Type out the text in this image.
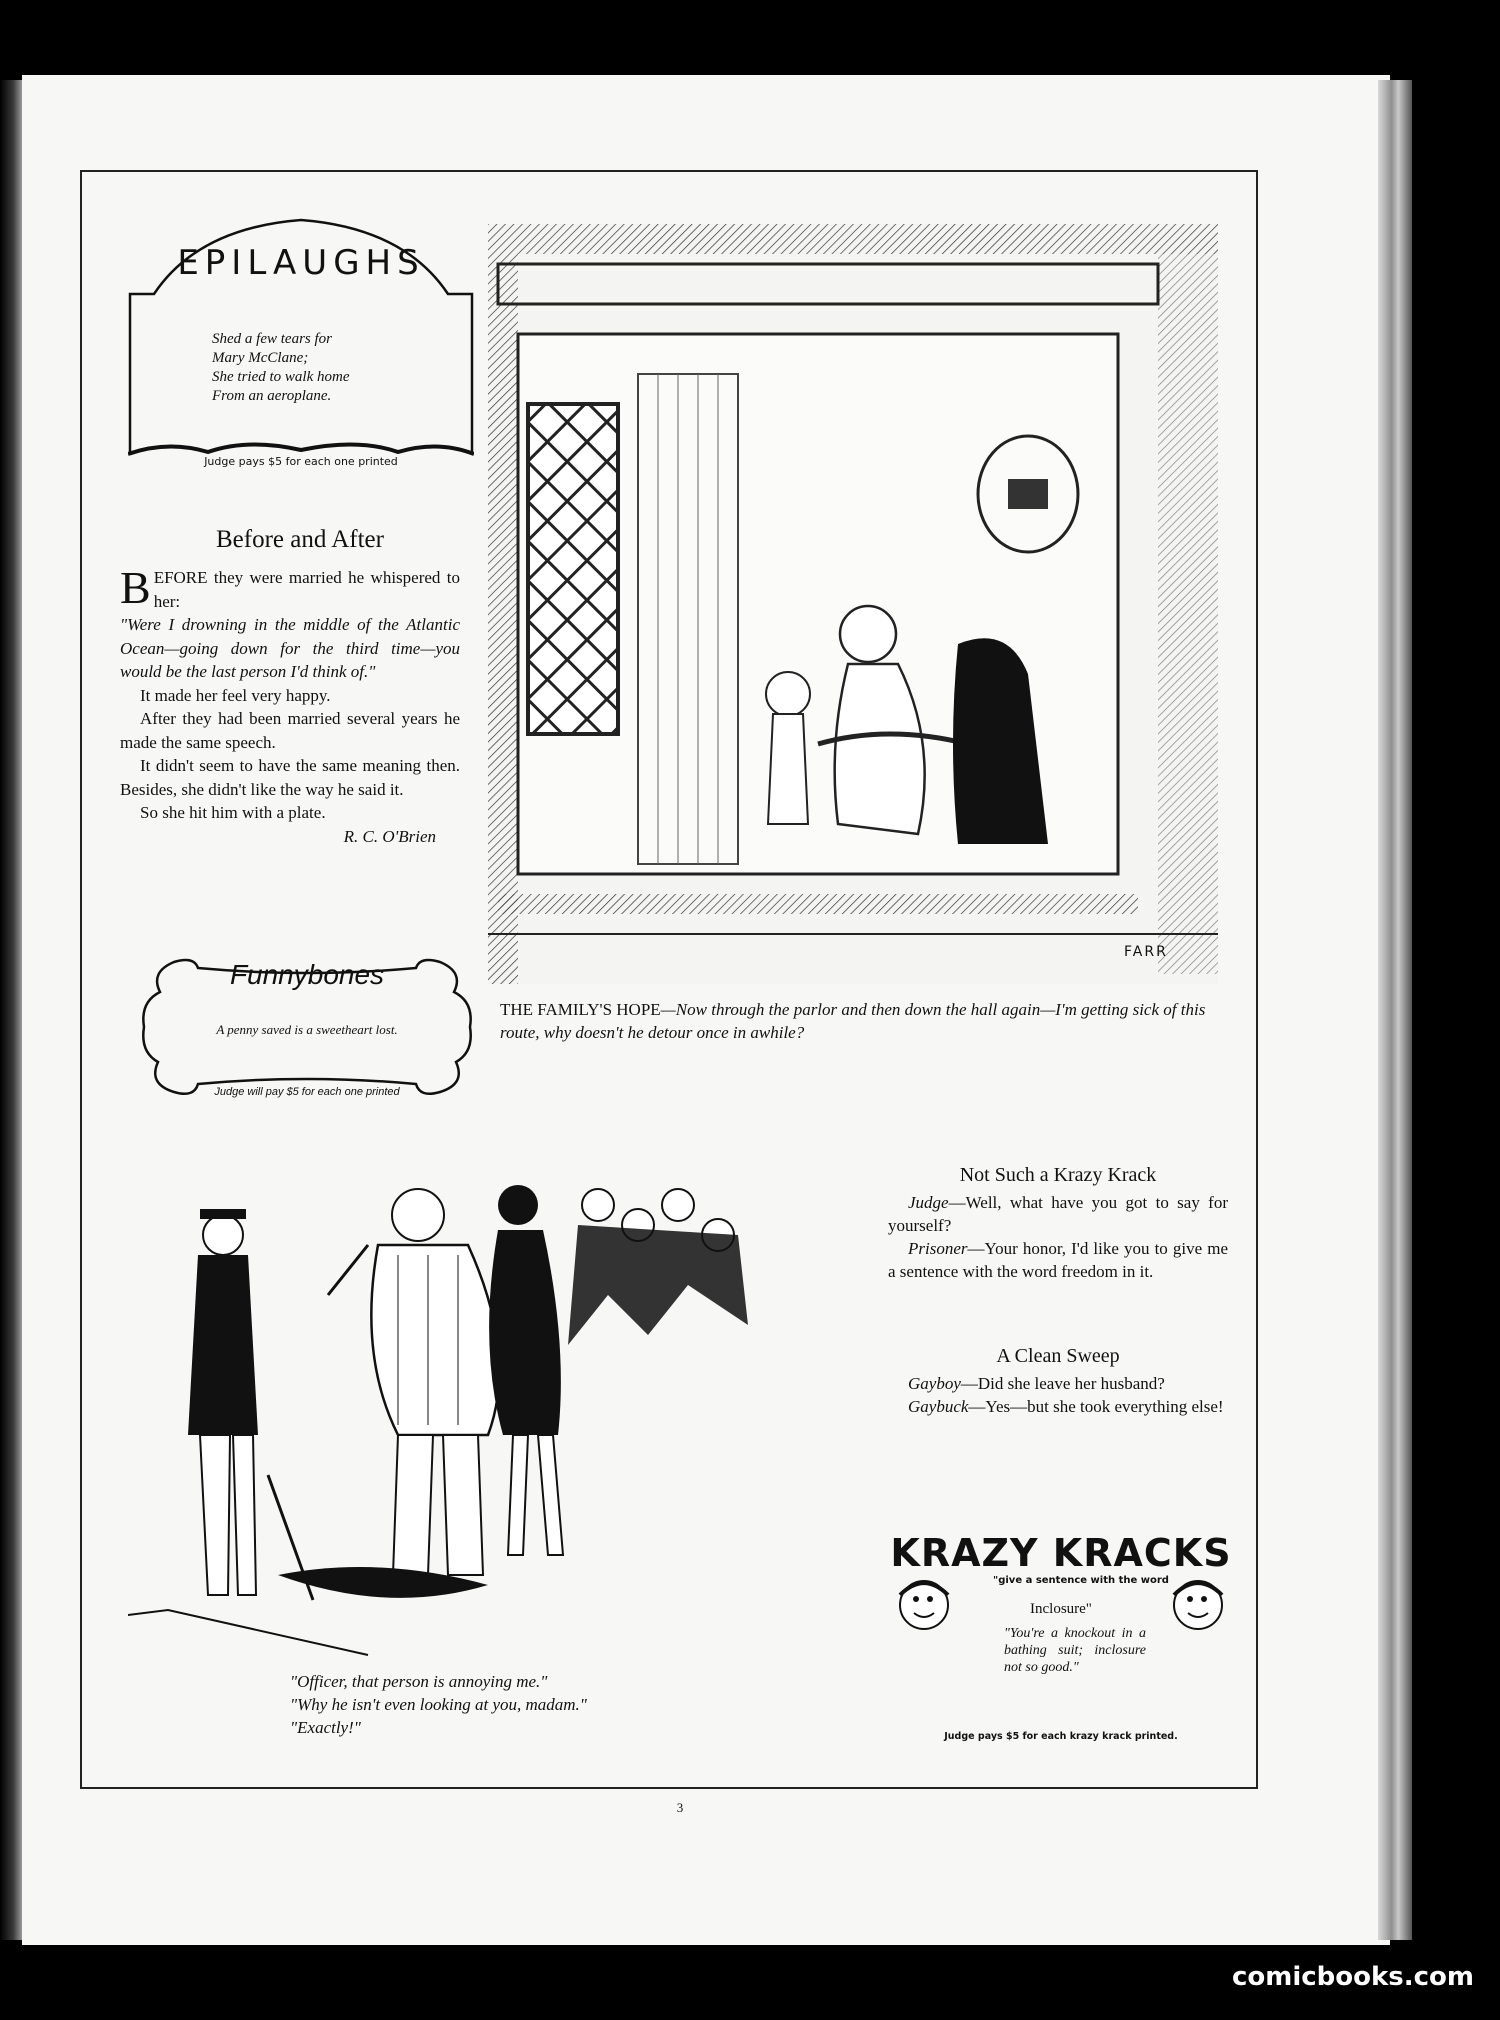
EPILAUGHS
Shed a few tears for
Mary McClane;
She tried to walk home
From an aeroplane.
Judge pays $5 for each one printed
Before and After

BEFORE they were married he whispered to her:

"Were I drowning in the middle of the Atlantic Ocean—going down for the third time—you would be the last person I'd think of."

It made her feel very happy.

After they had been married several years he made the same speech.

It didn't seem to have the same meaning then. Besides, she didn't like the way he said it.

So she hit him with a plate.

R. C. O'Brien

Funnybones
A penny saved is a sweetheart lost.
Judge will pay $5 for each one printed
FARR
THE FAMILY'S HOPE—Now through the parlor and then down the hall again—I'm getting sick of this route, why doesn't he detour once in awhile?
"Officer, that person is annoying me."
"Why he isn't even looking at you, madam."
"Exactly!"

Not Such a Krazy Krack

Judge—Well, what have you got to say for yourself?

Prisoner—Your honor, I'd like you to give me a sentence with the word freedom in it.

A Clean Sweep

Gayboy—Did she leave her husband?

Gaybuck—Yes—but she took everything else!

KRAZY KRACKS
"give a sentence with the word
Inclosure"
"You're a knockout in a bathing suit; inclosure not so good."
Judge pays $5 for each krazy krack printed.
3
comicbooks.com
